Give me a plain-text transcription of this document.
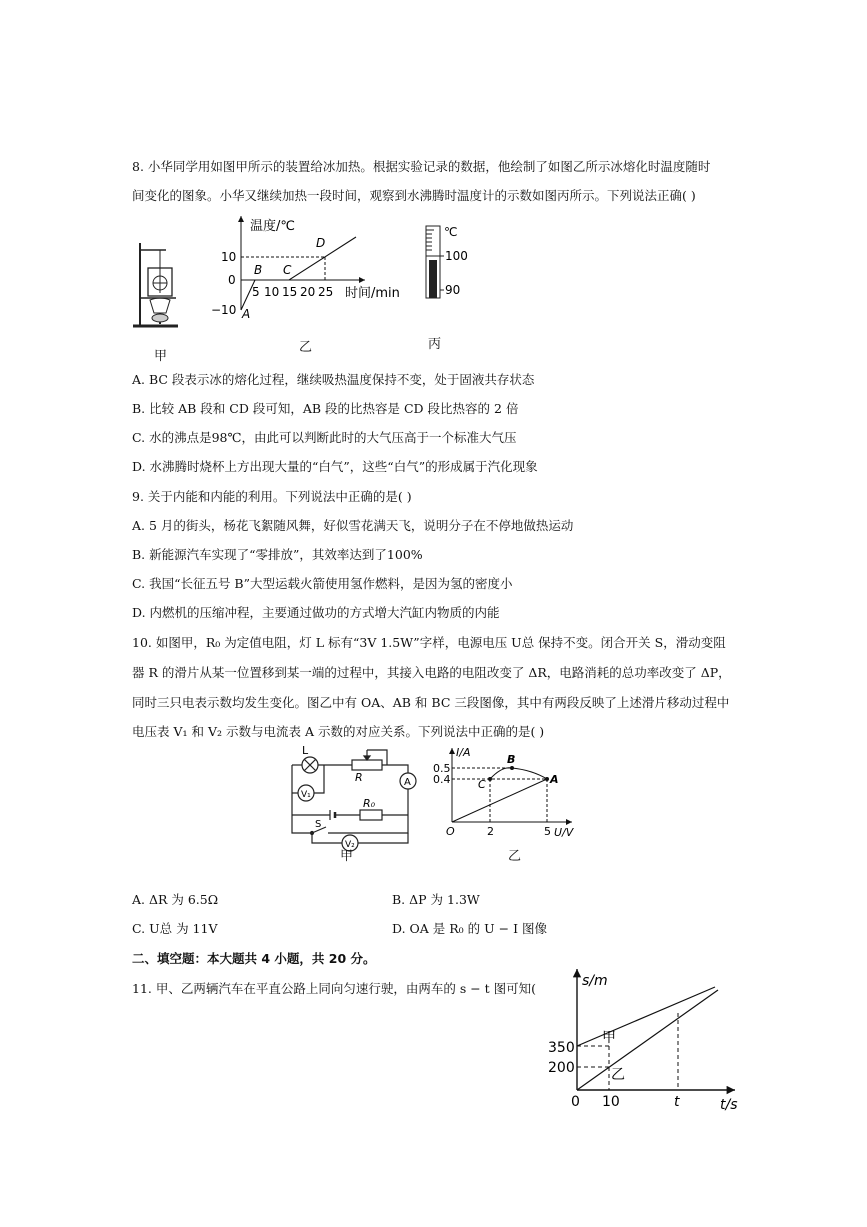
8. 小华同学用如图甲所示的装置给冰加热。根据实验记录的数据，他绘制了如图乙所示冰熔化时温度随时
间变化的图象。小华又继续加热一段时间，观察到水沸腾时温度计的示数如图丙所示。下列说法正确( )
甲
温度/℃
时间/min
10
0
−10
5 10 15 20 25
A
B C
D
乙
℃
100
90
丙
A. BC 段表示冰的熔化过程，继续吸热温度保持不变，处于固液共存状态
B. 比较 AB 段和 CD 段可知，AB 段的比热容是 CD 段比热容的 2 倍
C. 水的沸点是98℃，由此可以判断此时的大气压高于一个标准大气压
D. 水沸腾时烧杯上方出现大量的“白气”，这些“白气”的形成属于汽化现象
9. 关于内能和内能的利用。下列说法中正确的是( )
A. 5 月的街头，杨花飞絮随风舞，好似雪花满天飞，说明分子在不停地做热运动
B. 新能源汽车实现了“零排放”，其效率达到了100%
C. 我国“长征五号 B”大型运载火箭使用氢作燃料，是因为氢的密度小
D. 内燃机的压缩冲程，主要通过做功的方式增大汽缸内物质的内能
10. 如图甲，R₀ 为定值电阻，灯 L 标有“3V 1.5W”字样，电源电压 U总 保持不变。闭合开关 S，滑动变阻
器 R 的滑片从某一位置移到某一端的过程中，其接入电路的电阻改变了 ΔR，电路消耗的总功率改变了 ΔP，
同时三只电表示数均发生变化。图乙中有 OA、AB 和 BC 三段图像，其中有两段反映了上述滑片移动过程中
电压表 V₁ 和 V₂ 示数与电流表 A 示数的对应关系。下列说法中正确的是( )
L
R	A
V₁
R₀
S
V₂
甲
I/A
U/V
0.5
0.4
2	5
O
A
B
C
乙
A. ΔR 为 6.5Ω	B. ΔP 为 1.3W
C. U总 为 11V	D. OA 是 R₀ 的 U − I 图像
二、填空题：本大题共 4 小题，共 20 分。
11. 甲、乙两辆汽车在平直公路上同向匀速行驶，由两车的 s − t 图可知(	s/m
t/s
350
200
0 10	t
甲
乙
